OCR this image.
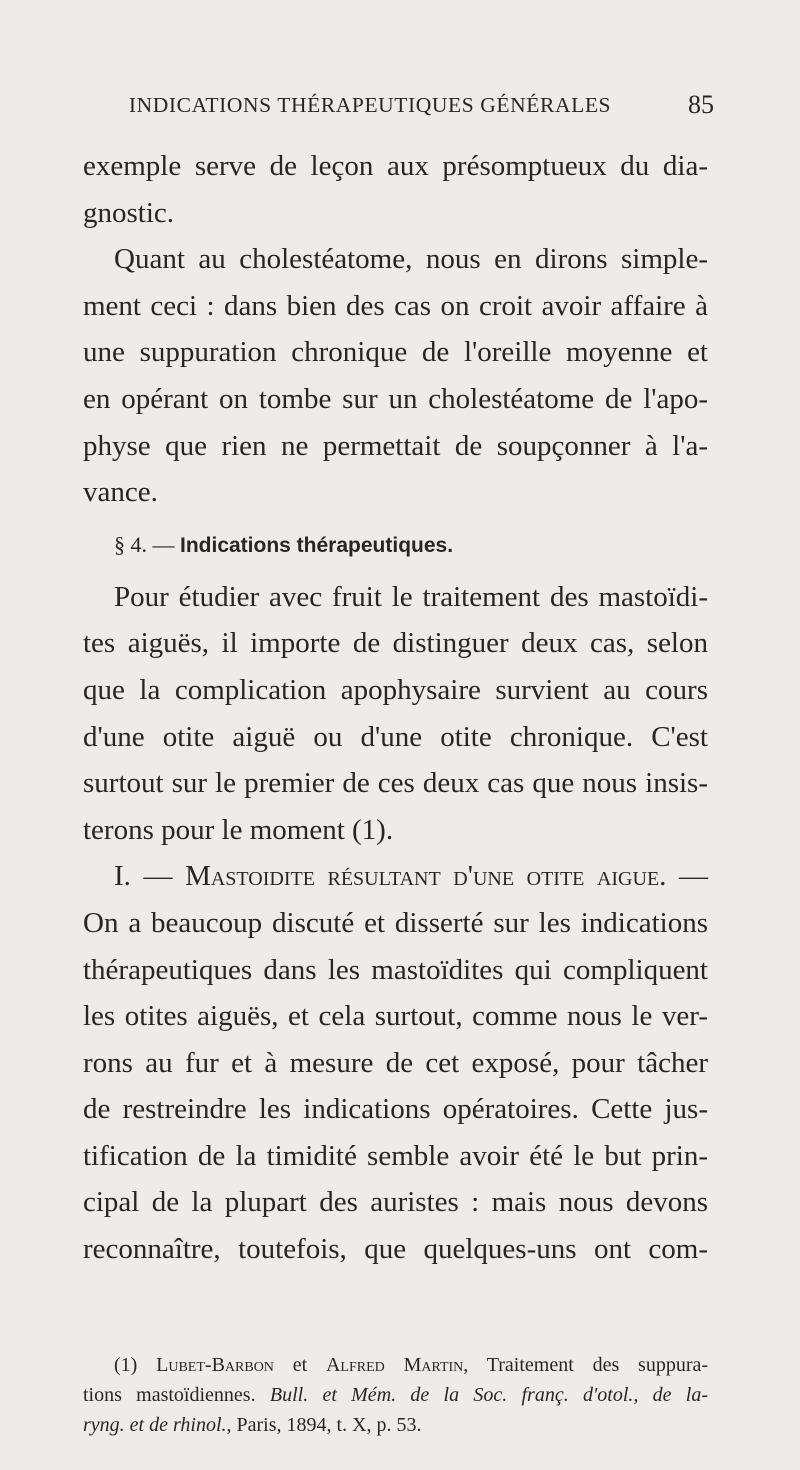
INDICATIONS THÉRAPEUTIQUES GÉNÉRALES	85
exemple serve de leçon aux présomptueux du dia-
gnostic.
Quant au cholestéatome, nous en dirons simple-
ment ceci : dans bien des cas on croit avoir affaire à
une suppuration chronique de l'oreille moyenne et
en opérant on tombe sur un cholestéatome de l'apo-
physe que rien ne permettait de soupçonner à l'a-
vance.
§ 4. — Indications thérapeutiques.
Pour étudier avec fruit le traitement des mastoïdi-
tes aiguës, il importe de distinguer deux cas, selon
que la complication apophysaire survient au cours
d'une otite aiguë ou d'une otite chronique. C'est
surtout sur le premier de ces deux cas que nous insis-
terons pour le moment (1).
I. — Mastoidite résultant d'une otite aigue. —
On a beaucoup discuté et disserté sur les indications
thérapeutiques dans les mastoïdites qui compliquent
les otites aiguës, et cela surtout, comme nous le ver-
rons au fur et à mesure de cet exposé, pour tâcher
de restreindre les indications opératoires. Cette jus-
tification de la timidité semble avoir été le but prin-
cipal de la plupart des auristes : mais nous devons
reconnaître, toutefois, que quelques-uns ont com-
(1) Lubet-Barbon et Alfred Martin, Traitement des suppura-
tions mastoïdiennes. Bull. et Mém. de la Soc. franç. d'otol., de la-
ryng. et de rhinol., Paris, 1894, t. X, p. 53.
